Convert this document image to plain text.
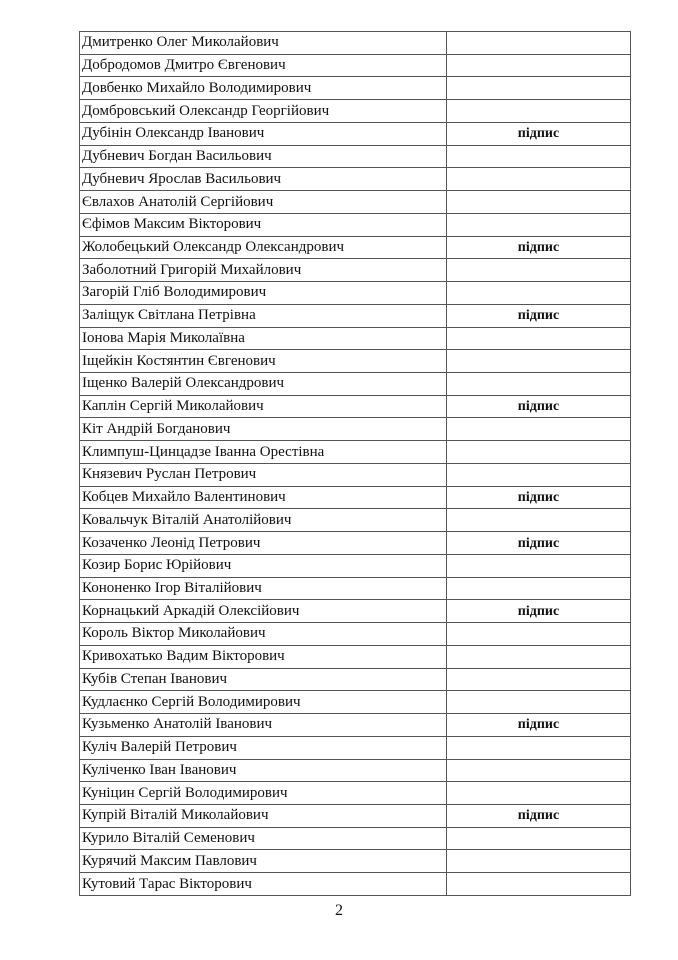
Дмитренко Олег Миколайович	
Добродомов Дмитро Євгенович	
Довбенко Михайло Володимирович	
Домбровський Олександр Георгійович	
Дубінін Олександр Іванович	підпис
Дубневич Богдан Васильович	
Дубневич Ярослав Васильович	
Євлахов Анатолій Сергійович	
Єфімов Максим Вікторович	
Жолобецький Олександр Олександрович	підпис
Заболотний Григорій Михайлович	
Загорій Гліб Володимирович	
Заліщук Світлана Петрівна	підпис
Іонова Марія Миколаївна	
Іщейкін Костянтин Євгенович	
Іщенко Валерій Олександрович	
Каплін Сергій Миколайович	підпис
Кіт Андрій Богданович	
Климпуш-Цинцадзе Іванна Орестівна	
Князевич Руслан Петрович	
Кобцев Михайло Валентинович	підпис
Ковальчук Віталій Анатолійович	
Козаченко Леонід Петрович	підпис
Козир Борис Юрійович	
Кононенко Ігор Віталійович	
Корнацький Аркадій Олексійович	підпис
Король Віктор Миколайович	
Кривохатько Вадим Вікторович	
Кубів Степан Іванович	
Кудлаєнко Сергій Володимирович	
Кузьменко Анатолій Іванович	підпис
Куліч Валерій Петрович	
Куліченко Іван Іванович	
Куніцин Сергій Володимирович	
Купрій Віталій Миколайович	підпис
Курило Віталій Семенович	
Курячий Максим Павлович	
Кутовий Тарас Вікторович	
2
